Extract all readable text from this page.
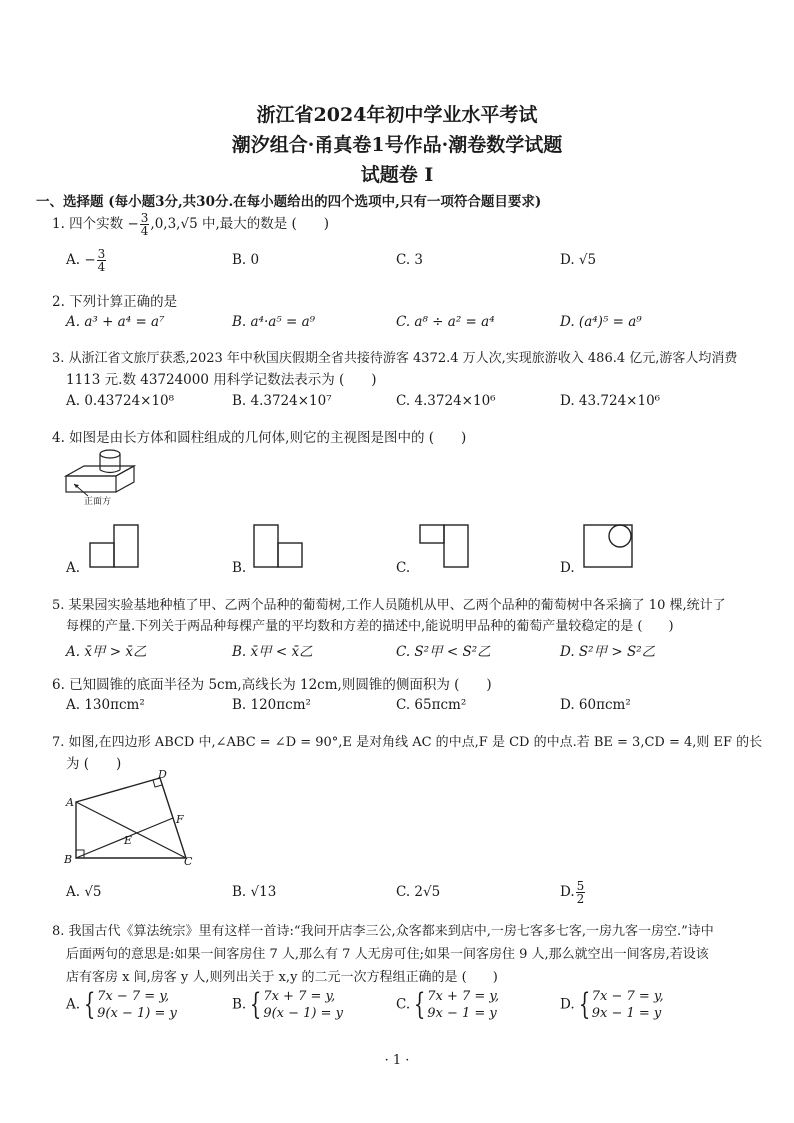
浙江省2024年初中学业水平考试
潮汐组合·甬真卷1号作品·潮卷数学试题
试题卷 I
一、选择题 (每小题3分,共30分.在每小题给出的四个选项中,只有一项符合题目要求)
1. 四个实数 − $\frac{3}{4} ,0,3,√5$ 中,最大的数是 (　　)
A. − $\frac{3}{4}$	B. 0	C. 3	D. √5
2. 下列计算正确的是
A. a³ + a⁴ = a⁷	B. a⁴·a⁵ = a⁹	C. a⁸ ÷ a² = a⁴	D. (a⁴)⁵ = a⁹
3. 从浙江省文旅厅获悉,2023 年中秋国庆假期全省共接待游客 4372.4 万人次,实现旅游收入 486.4 亿元,游客人均消费
1113 元.数 43724000 用科学记数法表示为 (　　)
A. 0.43724×10⁸	B. 4.3724×10⁷	C. 4.3724×10⁶	D. 43.724×10⁶
4. 如图是由长方体和圆柱组成的几何体,则它的主视图是图中的 (　　)
正面方
A.	B.	C.	D.
5. 某果园实验基地种植了甲、乙两个品种的葡萄树,工作人员随机从甲、乙两个品种的葡萄树中各采摘了 10 棵,统计了
每棵的产量.下列关于两品种每棵产量的平均数和方差的描述中,能说明甲品种的葡萄产量较稳定的是 (　　)
A. x̄甲 > x̄乙	B. x̄甲 < x̄乙	C. S²甲 < S²乙	D. S²甲 > S²乙
6. 已知圆锥的底面半径为 5cm,高线长为 12cm,则圆锥的侧面积为 (　　)
A. 130πcm²	B. 120πcm²	C. 65πcm²	D. 60πcm²
7. 如图,在四边形 ABCD 中,∠ABC = ∠D = 90°,E 是对角线 AC 的中点,F 是 CD 的中点.若 BE = 3,CD = 4,则 EF 的长
为 (　　)
A
B	C
D
E
F
A. √5	B. √13	C. 2√5	D. $\frac{5}{2}$
8. 我国古代《算法统宗》里有这样一首诗:“我问开店李三公,众客都来到店中,一房七客多七客,一房九客一房空.”诗中
后面两句的意思是:如果一间客房住 7 人,那么有 7 人无房可住;如果一间客房住 9 人,那么就空出一间客房,若设该
店有客房 x 间,房客 y 人,则列出关于 x,y 的二元一次方程组正确的是 (　　)
A. { 7x − 7 = y,
9(x − 1) = y
B. { 7x + 7 = y,
9(x − 1) = y
C. { 7x + 7 = y,
9x − 1 = y
D. { 7x − 7 = y,
9x − 1 = y
· 1 ·
